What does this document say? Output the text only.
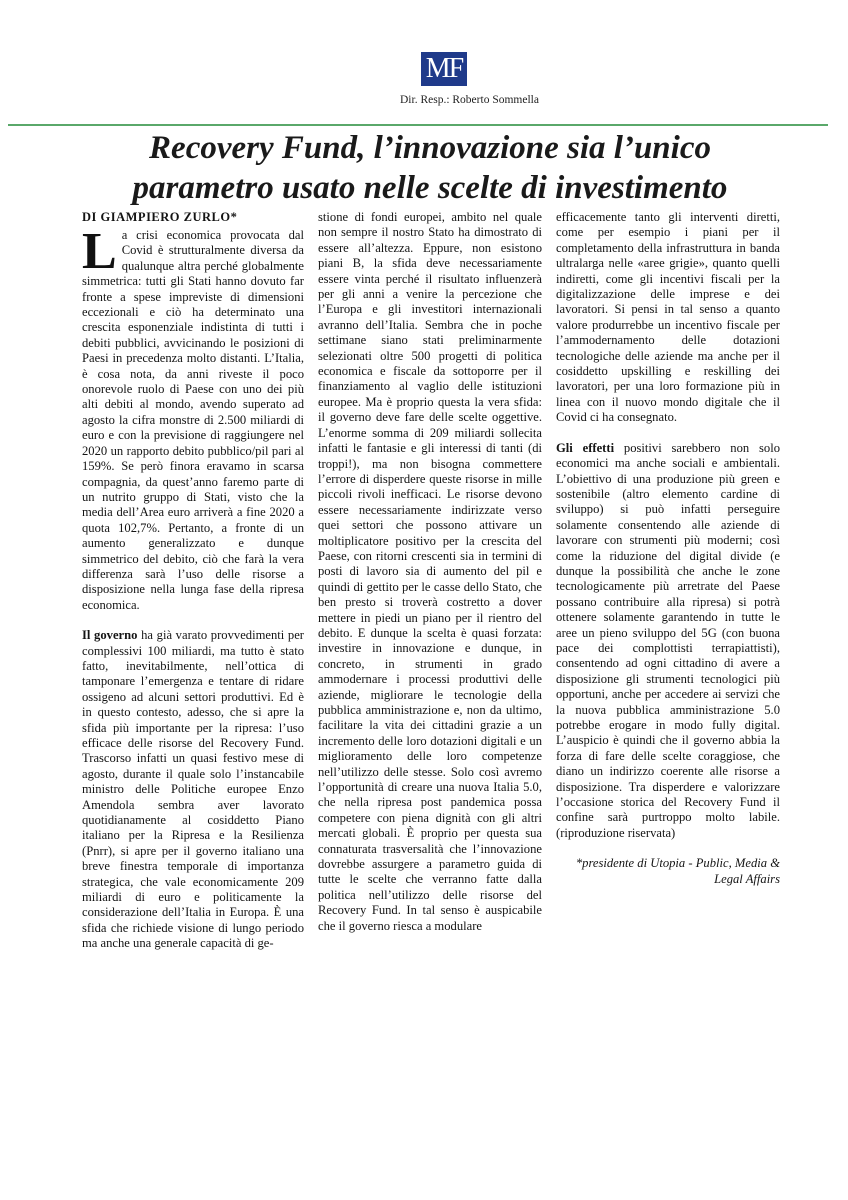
MF
Dir. Resp.: Roberto Sommella
Recovery Fund, l’innovazione sia l’unico
parametro usato nelle scelte di investimento
DI GIAMPIERO ZURLO*

La crisi economica provocata dal Covid è strutturalmente diversa da qualunque altra perché globalmente simmetrica: tutti gli Stati hanno dovuto far fronte a spese impreviste di dimensioni eccezionali e ciò ha determinato una crescita esponenziale indistinta di tutti i debiti pubblici, avvicinando le posizioni di Paesi in precedenza molto distanti. L’Italia, è cosa nota, da anni riveste il poco onorevole ruolo di Paese con uno dei più alti debiti al mondo, avendo superato ad agosto la cifra monstre di 2.500 miliardi di euro e con la previsione di raggiungere nel 2020 un rapporto debito pubblico/pil pari al 159%. Se però finora eravamo in scarsa compagnia, da quest’anno faremo parte di un nutrito gruppo di Stati, visto che la media dell’Area euro arriverà a fine 2020 a quota 102,7%. Pertanto, a fronte di un aumento generalizzato e dunque simmetrico del debito, ciò che farà la vera differenza sarà l’uso delle risorse a disposizione nella lunga fase della ripresa economica.

Il governo ha già varato provvedimenti per complessivi 100 miliardi, ma tutto è stato fatto, inevitabilmente, nell’ottica di tamponare l’emergenza e tentare di ridare ossigeno ad alcuni settori produttivi. Ed è in questo contesto, adesso, che si apre la sfida più importante per la ripresa: l’uso efficace delle risorse del Recovery Fund. Trascorso infatti un quasi festivo mese di agosto, durante il quale solo l’instancabile ministro delle Politiche europee Enzo Amendola sembra aver lavorato quotidianamente al cosiddetto Piano italiano per la Ripresa e la Resilienza (Pnrr), si apre per il governo italiano una breve finestra temporale di importanza strategica, che vale economicamente 209 miliardi di euro e politicamente la considerazione dell’Italia in Europa. È una sfida che richiede visione di lungo periodo ma anche una generale capacità di ge-

stione di fondi europei, ambito nel quale non sempre il nostro Stato ha dimostrato di essere all’altezza. Eppure, non esistono piani B, la sfida deve necessariamente essere vinta perché il risultato influenzerà per gli anni a venire la percezione che l’Europa e gli investitori internazionali avranno dell’Italia. Sembra che in poche settimane siano stati preliminarmente selezionati oltre 500 progetti di politica economica e fiscale da sottoporre per il finanziamento al vaglio delle istituzioni europee. Ma è proprio questa la vera sfida: il governo deve fare delle scelte oggettive. L’enorme somma di 209 miliardi sollecita infatti le fantasie e gli interessi di tanti (di troppi!), ma non bisogna commettere l’errore di disperdere queste risorse in mille piccoli rivoli inefficaci. Le risorse devono essere necessariamente indirizzate verso quei settori che possono attivare un moltiplicatore positivo per la crescita del Paese, con ritorni crescenti sia in termini di posti di lavoro sia di aumento del pil e quindi di gettito per le casse dello Stato, che ben presto si troverà costretto a dover mettere in piedi un piano per il rientro del debito. E dunque la scelta è quasi forzata: investire in innovazione e dunque, in concreto, in strumenti in grado ammodernare i processi produttivi delle aziende, migliorare le tecnologie della pubblica amministrazione e, non da ultimo, facilitare la vita dei cittadini grazie a un incremento delle loro dotazioni digitali e un miglioramento delle loro competenze nell’utilizzo delle stesse. Solo così avremo l’opportunità di creare una nuova Italia 5.0, che nella ripresa post pandemica possa competere con piena dignità con gli altri mercati globali. È proprio per questa sua connaturata trasversalità che l’innovazione dovrebbe assurgere a parametro guida di tutte le scelte che verranno fatte dalla politica nell’utilizzo delle risorse del Recovery Fund. In tal senso è auspicabile che il governo riesca a modulare

efficacemente tanto gli interventi diretti, come per esempio i piani per il completamento della infrastruttura in banda ultralarga nelle «aree grigie», quanto quelli indiretti, come gli incentivi fiscali per la digitalizzazione delle imprese e dei lavoratori. Si pensi in tal senso a quanto valore produrrebbe un incentivo fiscale per l’ammodernamento delle dotazioni tecnologiche delle aziende ma anche per il cosiddetto upskilling e reskilling dei lavoratori, per una loro formazione più in linea con il nuovo mondo digitale che il Covid ci ha consegnato.

Gli effetti positivi sarebbero non solo economici ma anche sociali e ambientali. L’obiettivo di una produzione più green e sostenibile (altro elemento cardine di sviluppo) si può infatti perseguire solamente consentendo alle aziende di lavorare con strumenti più moderni; così come la riduzione del digital divide (e dunque la possibilità che anche le zone tecnologicamente più arretrate del Paese possano contribuire alla ripresa) si potrà ottenere solamente garantendo in tutte le aree un pieno sviluppo del 5G (con buona pace dei complottisti terrapiattisti), consentendo ad ogni cittadino di avere a disposizione gli strumenti tecnologici più opportuni, anche per accedere ai servizi che la nuova pubblica amministrazione 5.0 potrebbe erogare in modo fully digital. L’auspicio è quindi che il governo abbia la forza di fare delle scelte coraggiose, che diano un indirizzo coerente alle risorse a disposizione. Tra disperdere e valorizzare l’occasione storica del Recovery Fund il confine sarà purtroppo molto labile. (riproduzione riservata)

*presidente di Utopia - Public, Media & Legal Affairs
